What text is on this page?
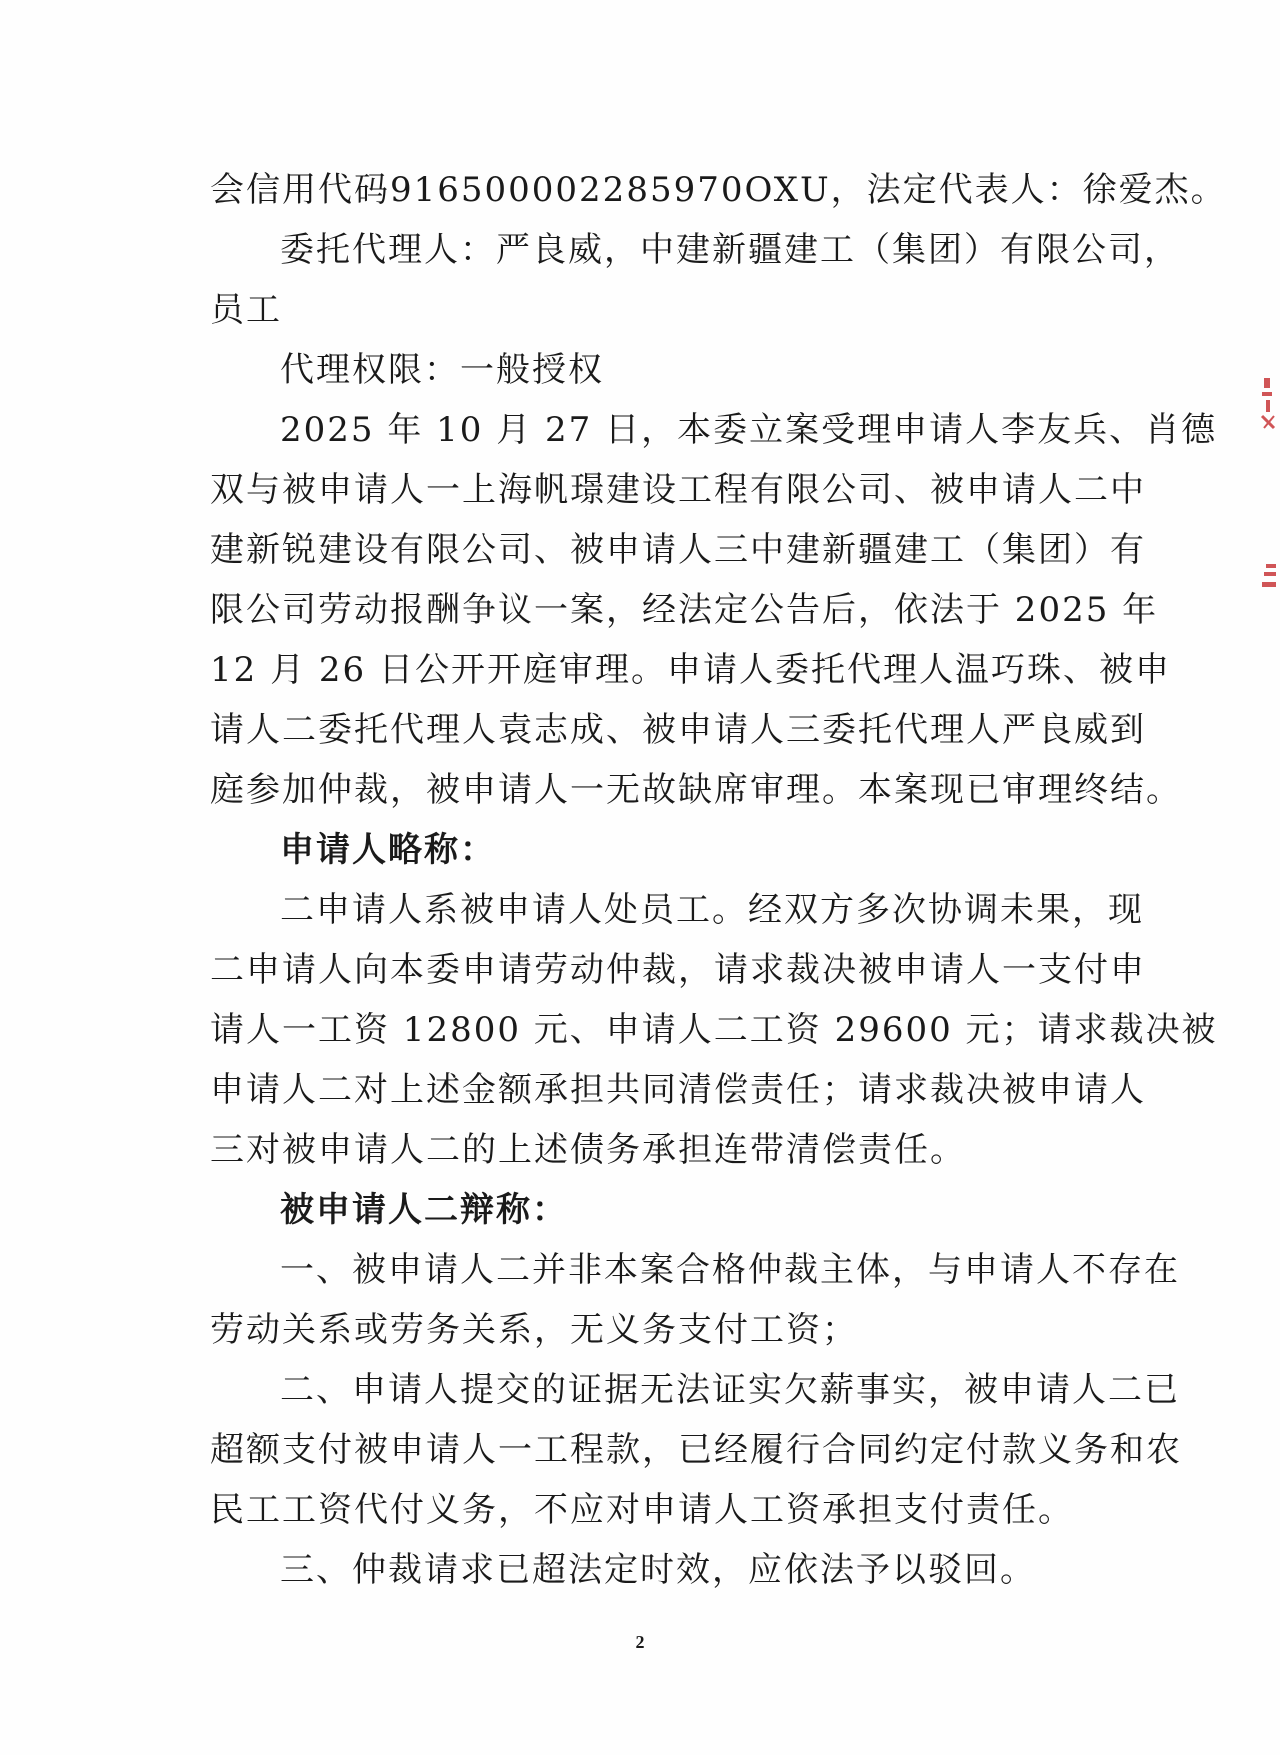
会信用代码916500002285970OXU，法定代表人：徐爱杰。
委托代理人：严良威，中建新疆建工（集团）有限公司，
员工
代理权限：一般授权
2025 年 10 月 27 日，本委立案受理申请人李友兵、肖德
双与被申请人一上海帆璟建设工程有限公司、被申请人二中
建新锐建设有限公司、被申请人三中建新疆建工（集团）有
限公司劳动报酬争议一案，经法定公告后，依法于 2025 年
12 月 26 日公开开庭审理。申请人委托代理人温巧珠、被申
请人二委托代理人袁志成、被申请人三委托代理人严良威到
庭参加仲裁，被申请人一无故缺席审理。本案现已审理终结。
申请人略称：
二申请人系被申请人处员工。经双方多次协调未果，现
二申请人向本委申请劳动仲裁，请求裁决被申请人一支付申
请人一工资 12800 元、申请人二工资 29600 元；请求裁决被
申请人二对上述金额承担共同清偿责任；请求裁决被申请人
三对被申请人二的上述债务承担连带清偿责任。
被申请人二辩称：
一、被申请人二并非本案合格仲裁主体，与申请人不存在
劳动关系或劳务关系，无义务支付工资；
二、申请人提交的证据无法证实欠薪事实，被申请人二已
超额支付被申请人一工程款，已经履行合同约定付款义务和农
民工工资代付义务，不应对申请人工资承担支付责任。
三、仲裁请求已超法定时效，应依法予以驳回。
2
